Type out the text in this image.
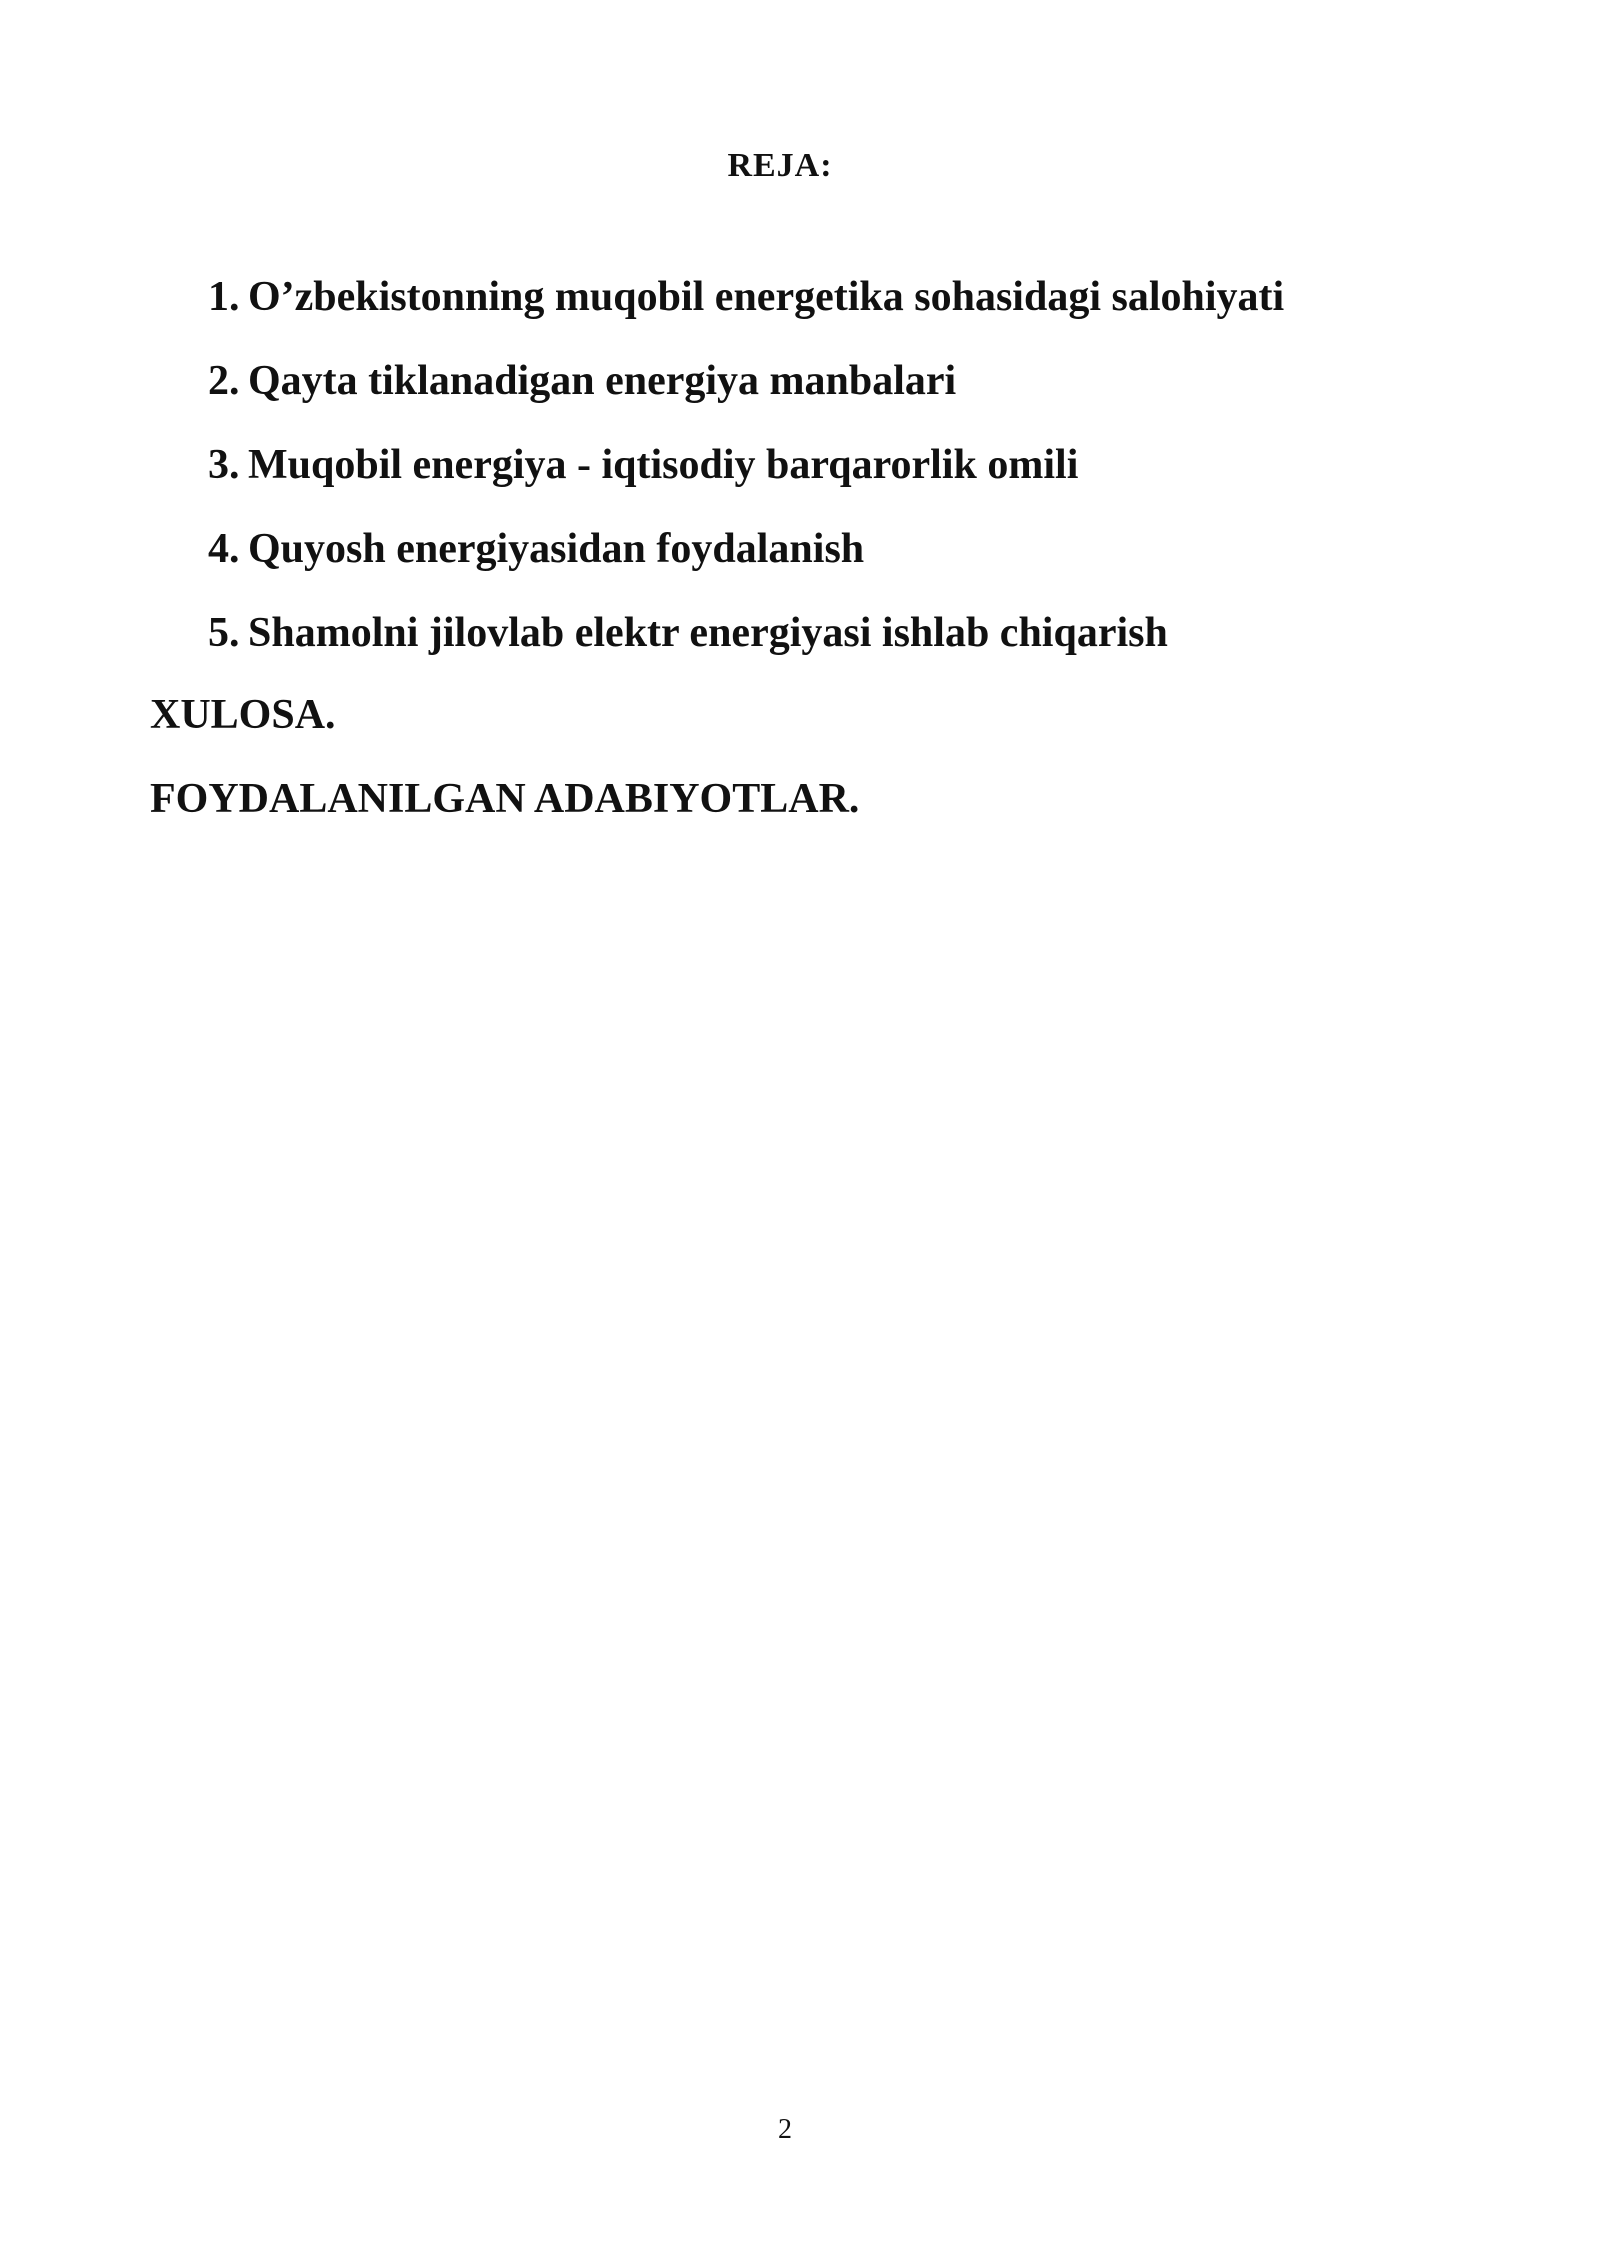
REJA:
1. O’zbekistonning muqobil energetika sohasidagi salohiyati
2. Qayta tiklanadigan energiya manbalari
3. Muqobil energiya - iqtisodiy barqarorlik omili
4. Quyosh energiyasidan foydalanish
5. Shamolni jilovlab elektr energiyasi ishlab chiqarish
XULOSA.
FOYDALANILGAN ADABIYOTLAR.
2
